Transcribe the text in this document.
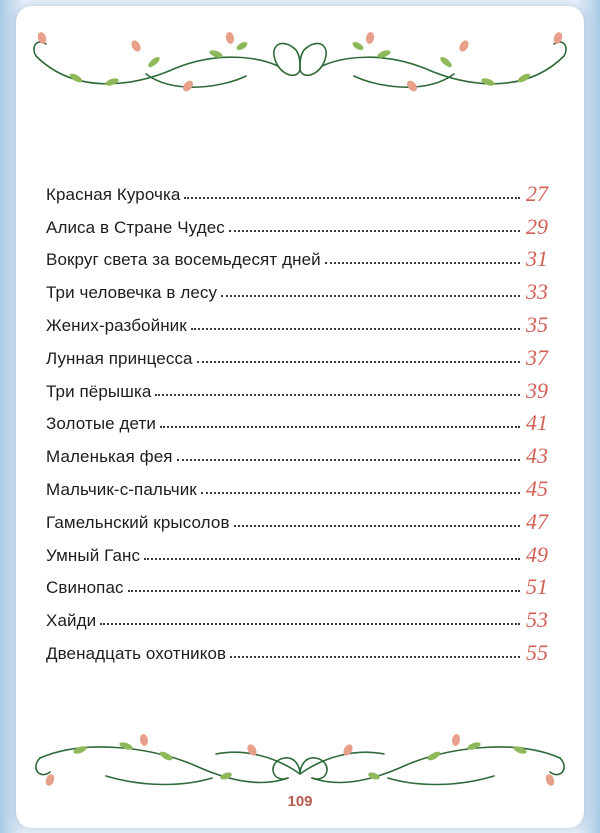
Красная Курочка	27
Алиса в Стране Чудес	29
Вокруг света за восемьдесят дней	31
Три человечка в лесу	33
Жених-разбойник	35
Лунная принцесса	37
Три пёрышка	39
Золотые дети	41
Маленькая фея	43
Мальчик-с-пальчик	45
Гамельнский крысолов	47
Умный Ганс	49
Свинопас	51
Хайди	53
Двенадцать охотников	55
109
